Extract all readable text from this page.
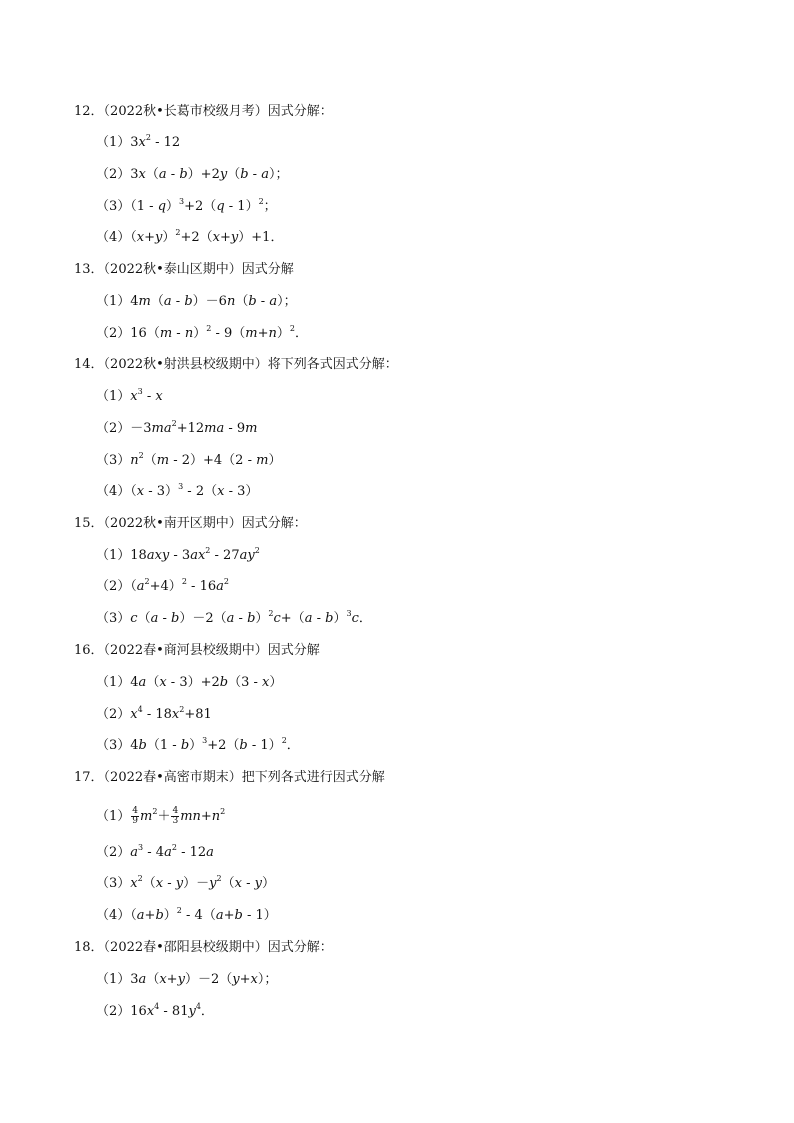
12．（2022秋•长葛市校级月考）因式分解：
$(1)3x^2 - 12$
（2）3x（a - b）+2y（b - a）；
（3）（1 - q）$^3$+2（q - 1）$^2$；
$(4)(x+y)^2+2(x+y)+1$．
13．（2022秋•泰山区期中）因式分解
（1）4m（a - b）－6n（b - a）；
$(2)16(m - n)^2 - 9(m+n)^2$．
14．（2022秋•射洪县校级期中）将下列各式因式分解：
$(1)x^3$ - x
$(2)-3ma^2+12ma - 9m$
$(3)n^2(m - 2)+4(2 - m)$
（4）（x - 3）$^3$ - 2（x - 3）
15．（2022秋•南开区期中）因式分解：
$(1)18axy - 3ax^2 - 27ay^2$
$(2)(a^2+4)^2 - 16a^2$
（3）c（a - b）－2（a - b）$^2$c+（a - b）$^3$c．
16．（2022春•商河县校级期中）因式分解
（1）4a（x - 3）+2b（3 - x）
$(2)x^4 - 18x^2+81$
（3）4b（1 - b）$^3$+2（b - 1）$^2$．
17．（2022春•高密市期末）把下列各式进行因式分解
$(1) \frac{4}{9} m^2+ \frac{4}{3} mn+n^2$
$(2)a^3 - 4a^2 - 12a$
$(3)x^2(x - y)-y^2(x - y)$
$(4)(a+b)^2 - 4(a+b - 1)$
18．（2022春•邵阳县校级期中）因式分解：
（1）3a（x+y）－2（y+x）；
$(2)16x^4 - 81y^4$．
